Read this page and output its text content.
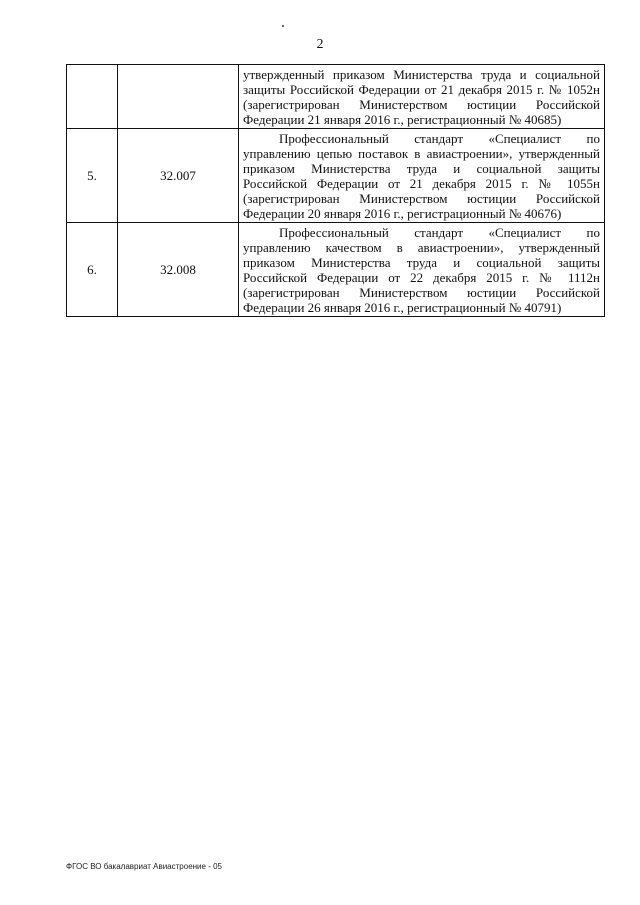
2
		утвержденный приказом Министерства труда и социальной защиты Российской Федерации от 21 декабря 2015 г. № 1052н (зарегистрирован Министерством юстиции Российской Федерации 21 января 2016 г., регистрационный № 40685)
5.	32.007	Профессиональный стандарт «Специалист по управлению цепью поставок в авиастроении», утвержденный приказом Министерства труда и социальной защиты Российской Федерации от 21 декабря 2015 г. № 1055н (зарегистрирован Министерством юстиции Российской Федерации 20 января 2016 г., регистрационный № 40676)
6.	32.008	Профессиональный стандарт «Специалист по управлению качеством в авиастроении», утвержденный приказом Министерства труда и социальной защиты Российской Федерации от 22 декабря 2015 г. № 1112н (зарегистрирован Министерством юстиции Российской Федерации 26 января 2016 г., регистрационный № 40791)
ФГОС ВО бакалавриат Авиастроение - 05
